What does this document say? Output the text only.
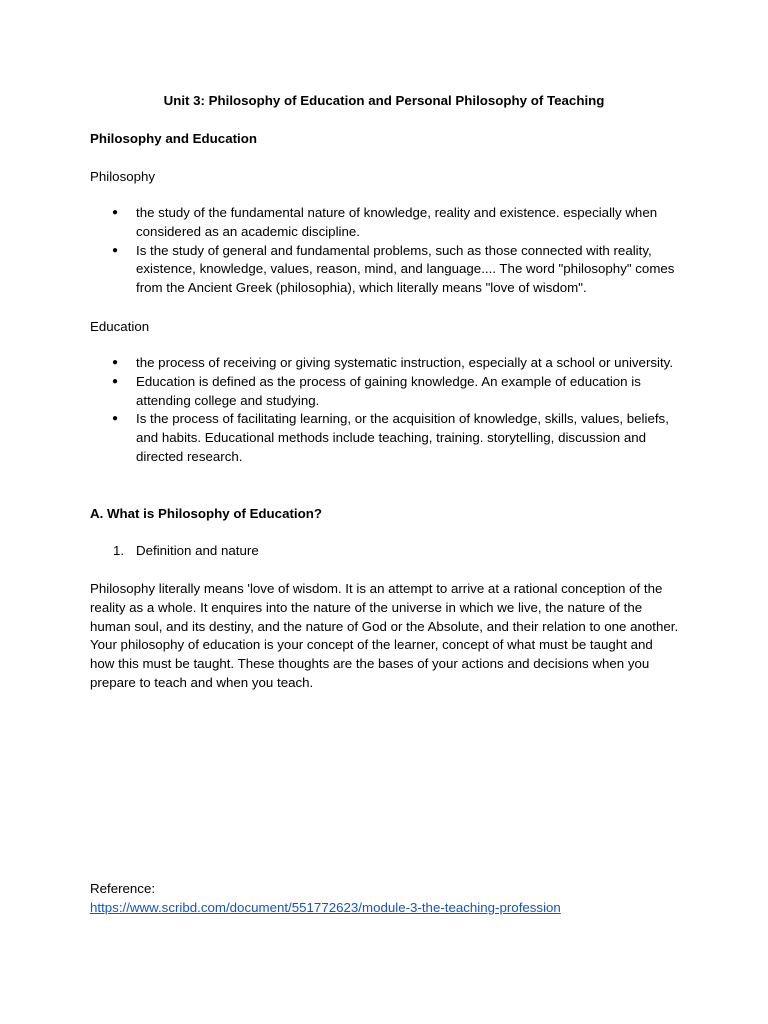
Unit 3: Philosophy of Education and Personal Philosophy of Teaching

Philosophy and Education

Philosophy

● the study of the fundamental nature of knowledge, reality and existence. especially when considered as an academic discipline.
● Is the study of general and fundamental problems, such as those connected with reality, existence, knowledge, values, reason, mind, and language.... The word "philosophy" comes from the Ancient Greek (philosophia), which literally means "love of wisdom".

Education

● the process of receiving or giving systematic instruction, especially at a school or university.
● Education is defined as the process of gaining knowledge. An example of education is attending college and studying.
● Is the process of facilitating learning, or the acquisition of knowledge, skills, values, beliefs, and habits. Educational methods include teaching, training. storytelling, discussion and directed research.

A. What is Philosophy of Education?

1. Definition and nature

Philosophy literally means 'love of wisdom. It is an attempt to arrive at a rational conception of the reality as a whole. It enquires into the nature of the universe in which we live, the nature of the human soul, and its destiny, and the nature of God or the Absolute, and their relation to one another. Your philosophy of education is your concept of the learner, concept of what must be taught and how this must be taught. These thoughts are the bases of your actions and decisions when you prepare to teach and when you teach.

Reference:

https://www.scribd.com/document/551772623/module-3-the-teaching-profession
